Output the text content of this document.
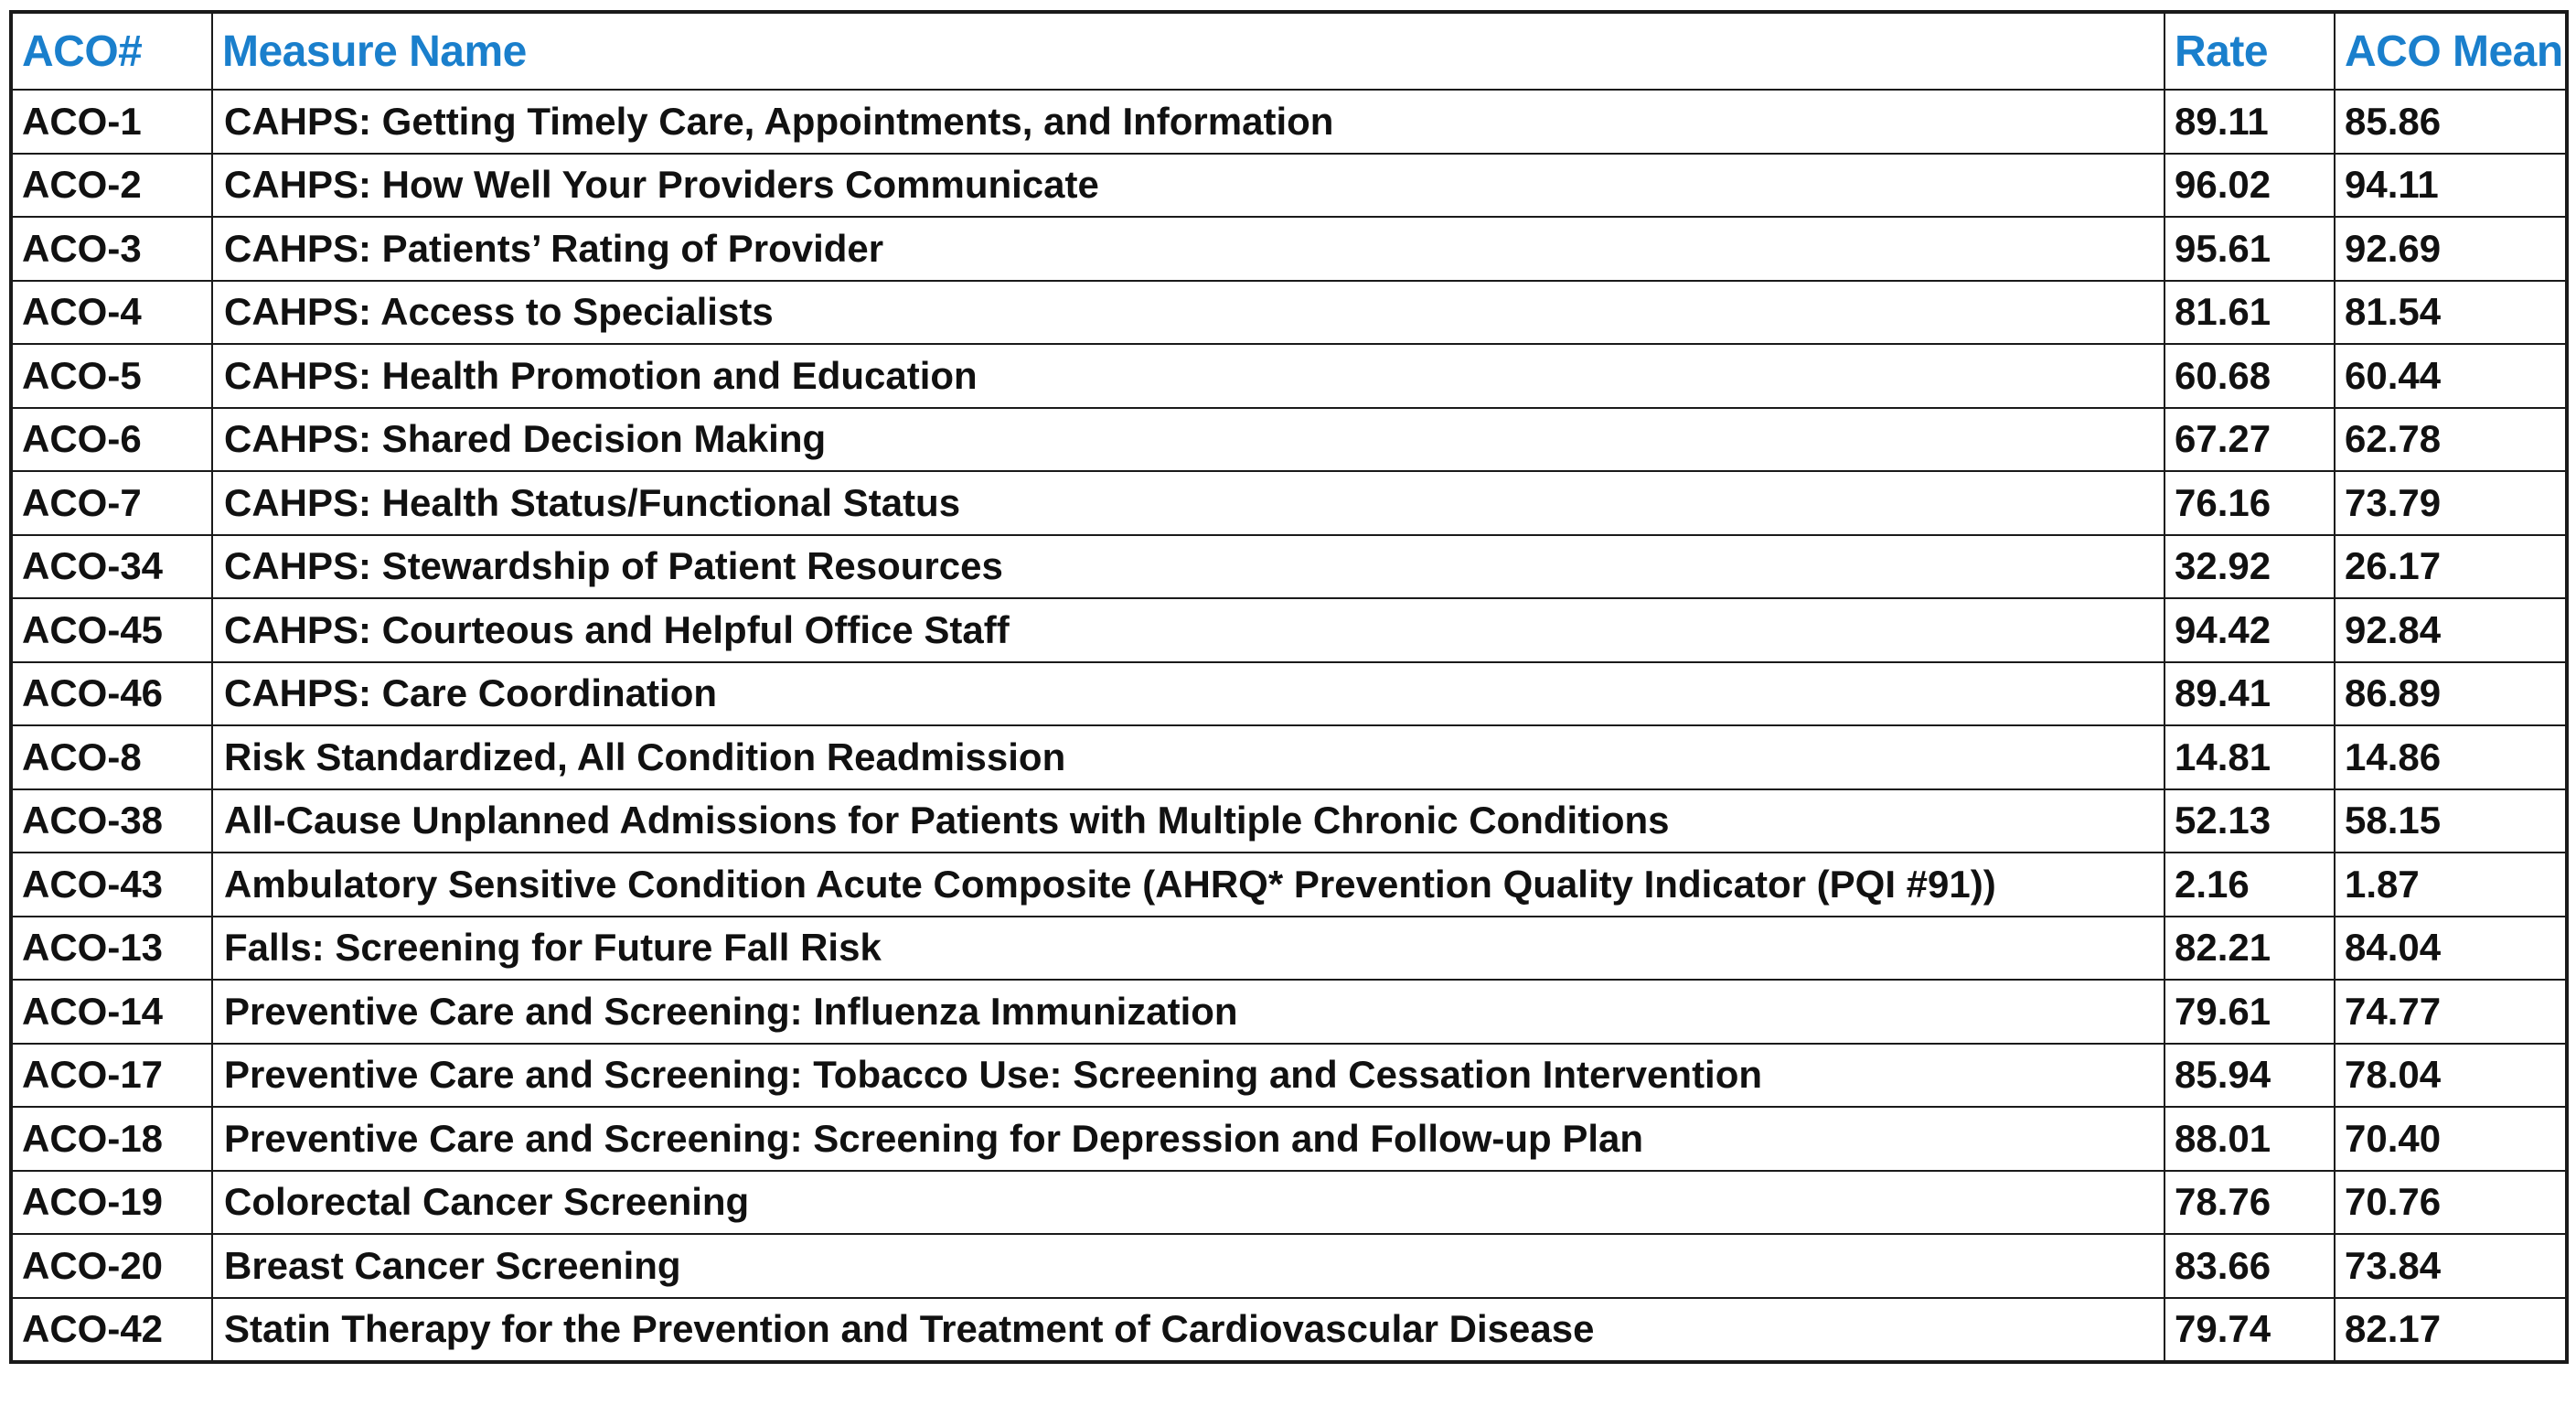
ACO#	Measure Name	Rate	ACO Mean
ACO-1	CAHPS: Getting Timely Care, Appointments, and Information	89.11	85.86
ACO-2	CAHPS: How Well Your Providers Communicate	96.02	94.11
ACO-3	CAHPS: Patients’ Rating of Provider	95.61	92.69
ACO-4	CAHPS: Access to Specialists	81.61	81.54
ACO-5	CAHPS: Health Promotion and Education	60.68	60.44
ACO-6	CAHPS: Shared Decision Making	67.27	62.78
ACO-7	CAHPS: Health Status/Functional Status	76.16	73.79
ACO-34	CAHPS: Stewardship of Patient Resources	32.92	26.17
ACO-45	CAHPS: Courteous and Helpful Office Staff	94.42	92.84
ACO-46	CAHPS: Care Coordination	89.41	86.89
ACO-8	Risk Standardized, All Condition Readmission	14.81	14.86
ACO-38	All-Cause Unplanned Admissions for Patients with Multiple Chronic Conditions	52.13	58.15
ACO-43	Ambulatory Sensitive Condition Acute Composite (AHRQ* Prevention Quality Indicator (PQI #91))	2.16	1.87
ACO-13	Falls: Screening for Future Fall Risk	82.21	84.04
ACO-14	Preventive Care and Screening: Influenza Immunization	79.61	74.77
ACO-17	Preventive Care and Screening: Tobacco Use: Screening and Cessation Intervention	85.94	78.04
ACO-18	Preventive Care and Screening: Screening for Depression and Follow-up Plan	88.01	70.40
ACO-19	Colorectal Cancer Screening	78.76	70.76
ACO-20	Breast Cancer Screening	83.66	73.84
ACO-42	Statin Therapy for the Prevention and Treatment of Cardiovascular Disease	79.74	82.17
